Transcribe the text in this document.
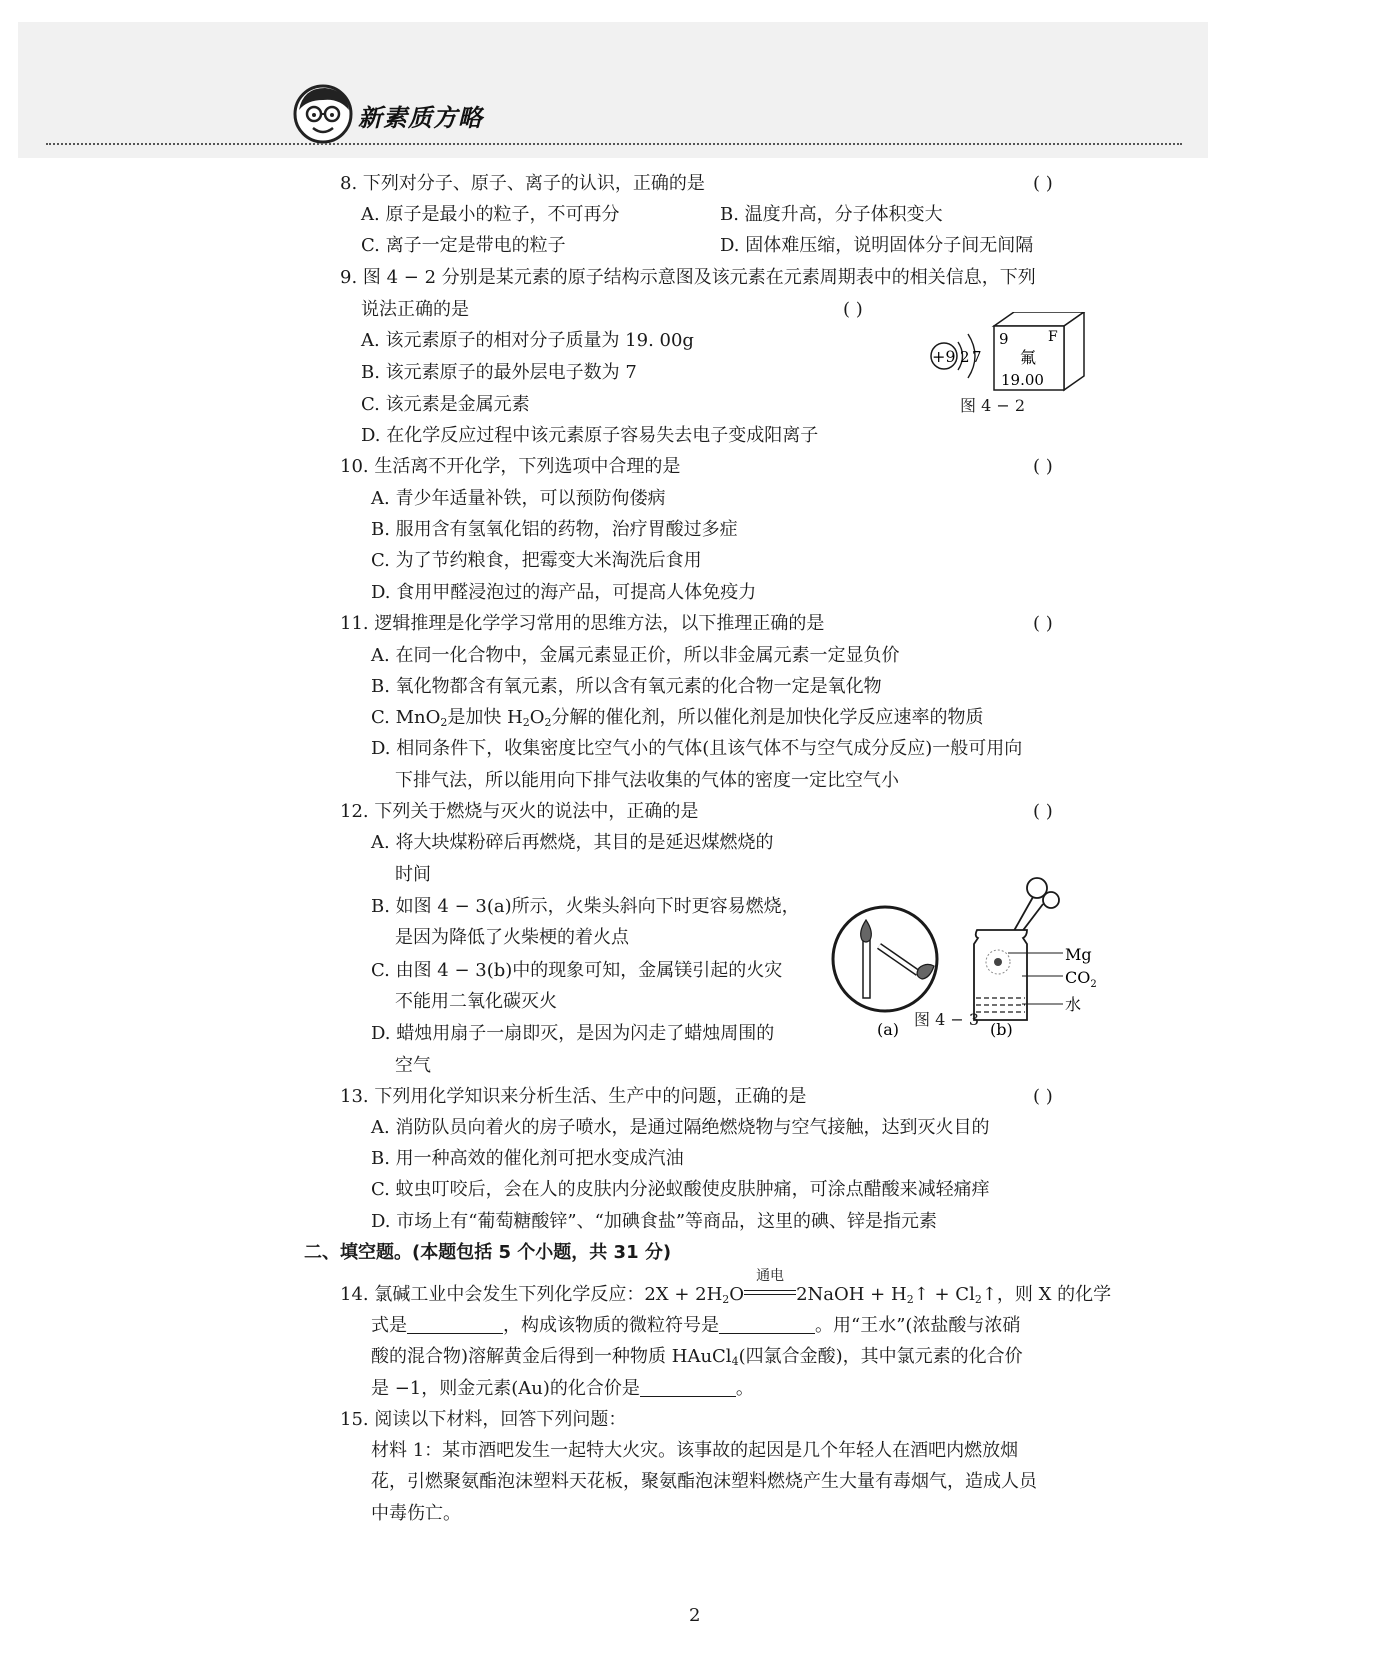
新素质方略
8. 下列对分子、原子、离子的认识，正确的是	( )
A. 原子是最小的粒子，不可再分	B. 温度升高，分子体积变大
C. 离子一定是带电的粒子	D. 固体难压缩，说明固体分子间无间隔
9. 图 4 − 2 分别是某元素的原子结构示意图及该元素在元素周期表中的相关信息，下列
说法正确的是	( )
A. 该元素原子的相对分子质量为 19. 00g
B. 该元素原子的最外层电子数为 7
C. 该元素是金属元素
D. 在化学反应过程中该元素原子容易失去电子变成阳离子
+9 2 7
9	F
氟
19.00
图 4 − 2
10. 生活离不开化学，下列选项中合理的是	( )
A. 青少年适量补铁，可以预防佝偻病
B. 服用含有氢氧化铝的药物，治疗胃酸过多症
C. 为了节约粮食，把霉变大米淘洗后食用
D. 食用甲醛浸泡过的海产品，可提高人体免疫力
11. 逻辑推理是化学学习常用的思维方法，以下推理正确的是	( )
A. 在同一化合物中，金属元素显正价，所以非金属元素一定显负价
B. 氧化物都含有氧元素，所以含有氧元素的化合物一定是氧化物
C. MnO$_2$是加快 $H_2O_2$分解的催化剂，所以催化剂是加快化学反应速率的物质
D. 相同条件下，收集密度比空气小的气体(且该气体不与空气成分反应)一般可用向
下排气法，所以能用向下排气法收集的气体的密度一定比空气小
12. 下列关于燃烧与灭火的说法中，正确的是	( )
A. 将大块煤粉碎后再燃烧，其目的是延迟煤燃烧的
时间
B. 如图 4 − 3(a)所示，火柴头斜向下时更容易燃烧，
是因为降低了火柴梗的着火点
C. 由图 4 − 3(b)中的现象可知，金属镁引起的火灾
不能用二氧化碳灭火
D. 蜡烛用扇子一扇即灭，是因为闪走了蜡烛周围的
空气
(a)
Mg
$CO_2$
水
(b)
图 4 − 3
13. 下列用化学知识来分析生活、生产中的问题，正确的是	( )
A. 消防队员向着火的房子喷水，是通过隔绝燃烧物与空气接触，达到灭火目的
B. 用一种高效的催化剂可把水变成汽油
C. 蚊虫叮咬后，会在人的皮肤内分泌蚁酸使皮肤肿痛，可涂点醋酸来减轻痛痒
D. 市场上有“葡萄糖酸锌”、“加碘食盐”等商品，这里的碘、锌是指元素
二、填空题。(本题包括 5 个小题，共 31 分)
14. 氯碱工业中会发生下列化学反应：$2X + 2H_2O$
通电
2NaOH + $H_2↑$ + $Cl_2↑$，则 X 的化学
式是	，构成该物质的微粒符号是	。用“王水”(浓盐酸与浓硝
酸的混合物)溶解黄金后得到一种物质 HAuCl$_4$(四氯合金酸)，其中氯元素的化合价
是 −1，则金元素(Au)的化合价是	。
15. 阅读以下材料，回答下列问题：
材料 1：某市酒吧发生一起特大火灾。该事故的起因是几个年轻人在酒吧内燃放烟
花，引燃聚氨酯泡沫塑料天花板，聚氨酯泡沫塑料燃烧产生大量有毒烟气，造成人员
中毒伤亡。
2
